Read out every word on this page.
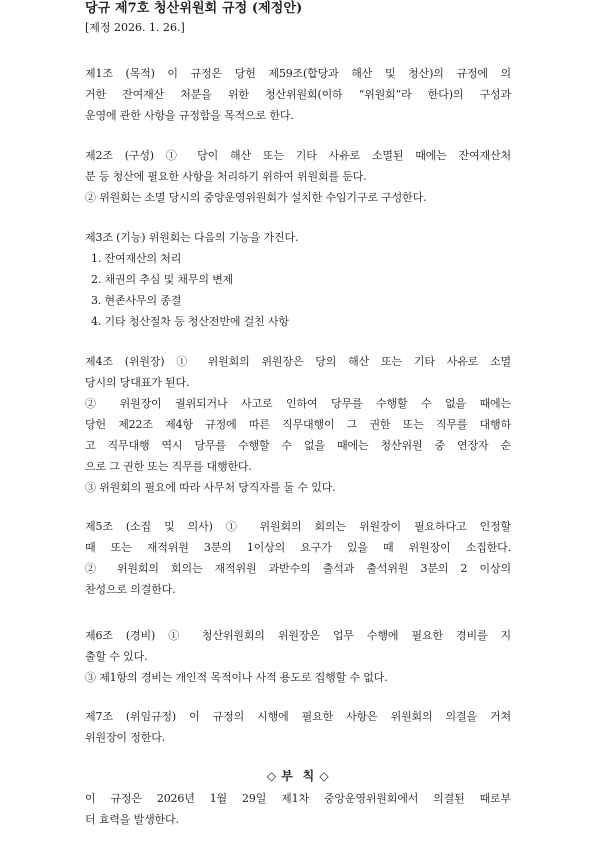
당규 제7호 청산위원회 규정 (제정안)
[제정 2026. 1. 26.]
제1조 (목적) 이 규정은 당헌 제59조(합당과 해산 및 청산)의 규정에 의
거한 잔여재산 처분을 위한 청산위원회(이하 “위원회”라 한다)의 구성과
운영에 관한 사항을 규정함을 목적으로 한다.
제2조 (구성) ① 당이 해산 또는 기타 사유로 소멸된 때에는 잔여재산처
분 등 청산에 필요한 사항을 처리하기 위하여 위원회를 둔다.
② 위원회는 소멸 당시의 중앙운영위원회가 설치한 수임기구로 구성한다.
제3조 (기능) 위원회는 다음의 기능을 가진다.
1. 잔여재산의 처리
2. 채권의 추심 및 채무의 변제
3. 현존사무의 종결
4. 기타 청산절차 등 청산전반에 걸친 사항
제4조 (위원장) ① 위원회의 위원장은 당의 해산 또는 기타 사유로 소멸
당시의 당대표가 된다.
② 위원장이 궐위되거나 사고로 인하여 당무를 수행할 수 없을 때에는
당헌 제22조 제4항 규정에 따른 직무대행이 그 권한 또는 직무를 대행하
고 직무대행 역시 당무를 수행할 수 없을 때에는 청산위원 중 연장자 순
으로 그 권한 또는 직무를 대행한다.
③ 위원회의 필요에 따라 사무처 당직자를 둘 수 있다.
제5조 (소집 및 의사) ① 위원회의 회의는 위원장이 필요하다고 인정할
때 또는 재적위원 3분의 1이상의 요구가 있을 때 위원장이 소집한다.
② 위원회의 회의는 재적위원 과반수의 출석과 출석위원 3분의 2 이상의
찬성으로 의결한다.
제6조 (경비) ① 청산위원회의 위원장은 업무 수행에 필요한 경비를 지
출할 수 있다.
③ 제1항의 경비는 개인적 목적이나 사적 용도로 집행할 수 없다.
제7조 (위임규정) 이 규정의 시행에 필요한 사항은 위원회의 의결을 거쳐
위원장이 정한다.
◇ 부  칙 ◇
이 규정은 2026년 1월 29일 제1차 중앙운영위원회에서 의결된 때로부
터 효력을 발생한다.
